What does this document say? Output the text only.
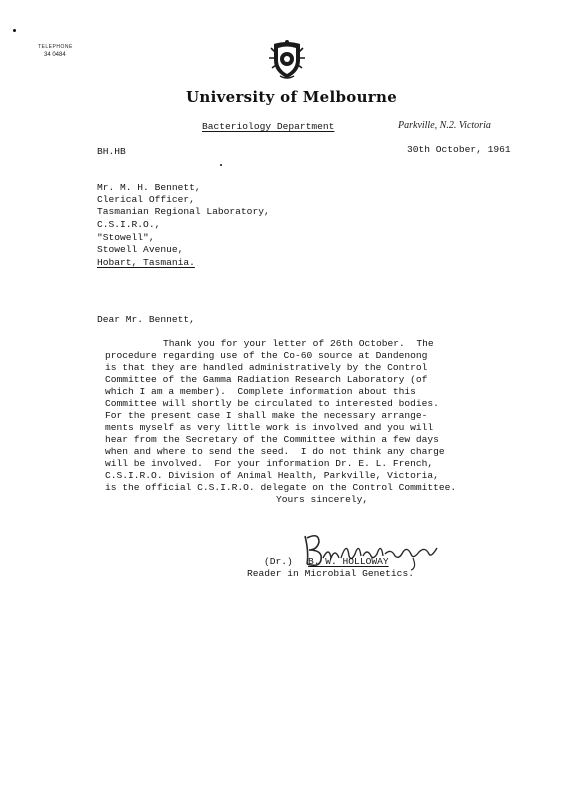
TELEPHONE
34 0484

University of Melbourne
Bacteriology Department	Parkville, N.2. Victoria
BH.HB	30th October, 1961
Mr. M. H. Bennett,
Clerical Officer,
Tasmanian Regional Laboratory,
C.S.I.R.O.,
"Stowell",
Stowell Avenue,
Hobart, Tasmania.
Dear Mr. Bennett,
Thank you for your letter of 26th October.  The
procedure regarding use of the Co-60 source at Dandenong
is that they are handled administratively by the Control
Committee of the Gamma Radiation Research Laboratory (of
which I am a member).  Complete information about this
Committee will shortly be circulated to interested bodies.
For the present case I shall make the necessary arrange-
ments myself as very little work is involved and you will
hear from the Secretary of the Committee within a few days
when and where to send the seed.  I do not think any charge
will be involved.  For your information Dr. E. L. French,
C.S.I.R.O. Division of Animal Health, Parkville, Victoria,
is the official C.S.I.R.O. delegate on the Control Committee.
Yours sincerely,

(Dr.) B. W. HOLLOWAY
Reader in Microbial Genetics.
